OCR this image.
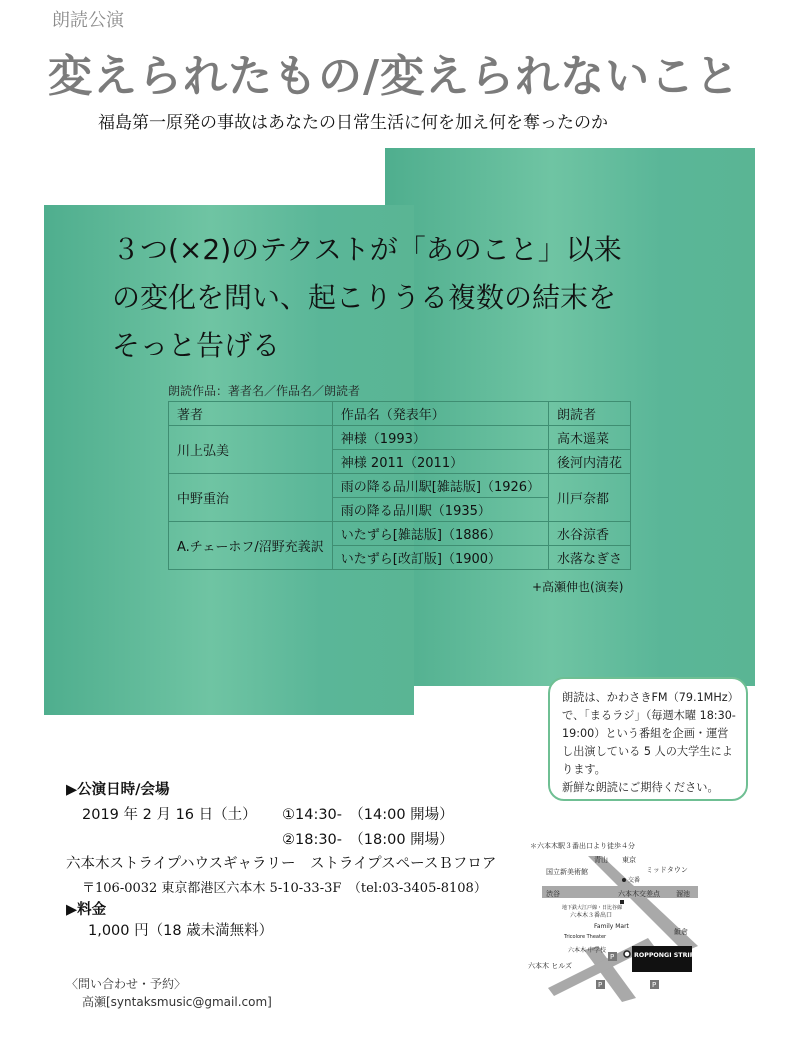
朗読公演
変えられたもの/変えられないこと
福島第一原発の事故はあなたの日常生活に何を加え何を奪ったのか
３つ(×2)のテクストが「あのこと」以来
の変化を問い、起こりうる複数の結末を
そっと告げる
朗読作品：著者名／作品名／朗読者
著者	作品名（発表年）	朗読者
川上弘美	神様（1993）	高木遥菜
	神様 2011（2011）	後河内清花
中野重治	雨の降る品川駅[雑誌版]（1926）	川戸奈都
	雨の降る品川駅（1935）	
A.チェーホフ/沼野充義訳	いたずら[雑誌版]（1886）	水谷涼香
	いたずら[改訂版]（1900）	水落なぎさ
+高瀬伸也(演奏)
朗読は、かわさきFM（79.1MHz）で、「まるラジ」（毎週木曜 18:30-19:00）という番組を企画・運営し出演している 5 人の大学生によります。
新鮮な朗読にご期待ください。
▶公演日時/会場
2019 年 2 月 16 日（土） ①14:30-　（14:00 開場）
②18:30-　（18:00 開場）
六本木ストライプハウスギャラリー　ストライプスペースＢフロア
〒106-0032 東京都港区六本木 5-10-33-3F　（tel:03-3405-8108）
▶料金
1,000 円（18 歳未満無料）
〈問い合わせ・予約〉
高瀬[syntaksmusic@gmail.com]
＊六本木駅３番出口より徒歩４分
青山 東京
ミッドタウン
国立新美術館
交番
渋谷	六本木交差点 溜池
地下鉄大江戸線・日比谷線
六本木３番出口
Family Mart
Tricolore Theater
飯倉
六本木 中学校
六本木 ヒルズ
ROPPONGI STRIPE'S SPACE
P
P	P
